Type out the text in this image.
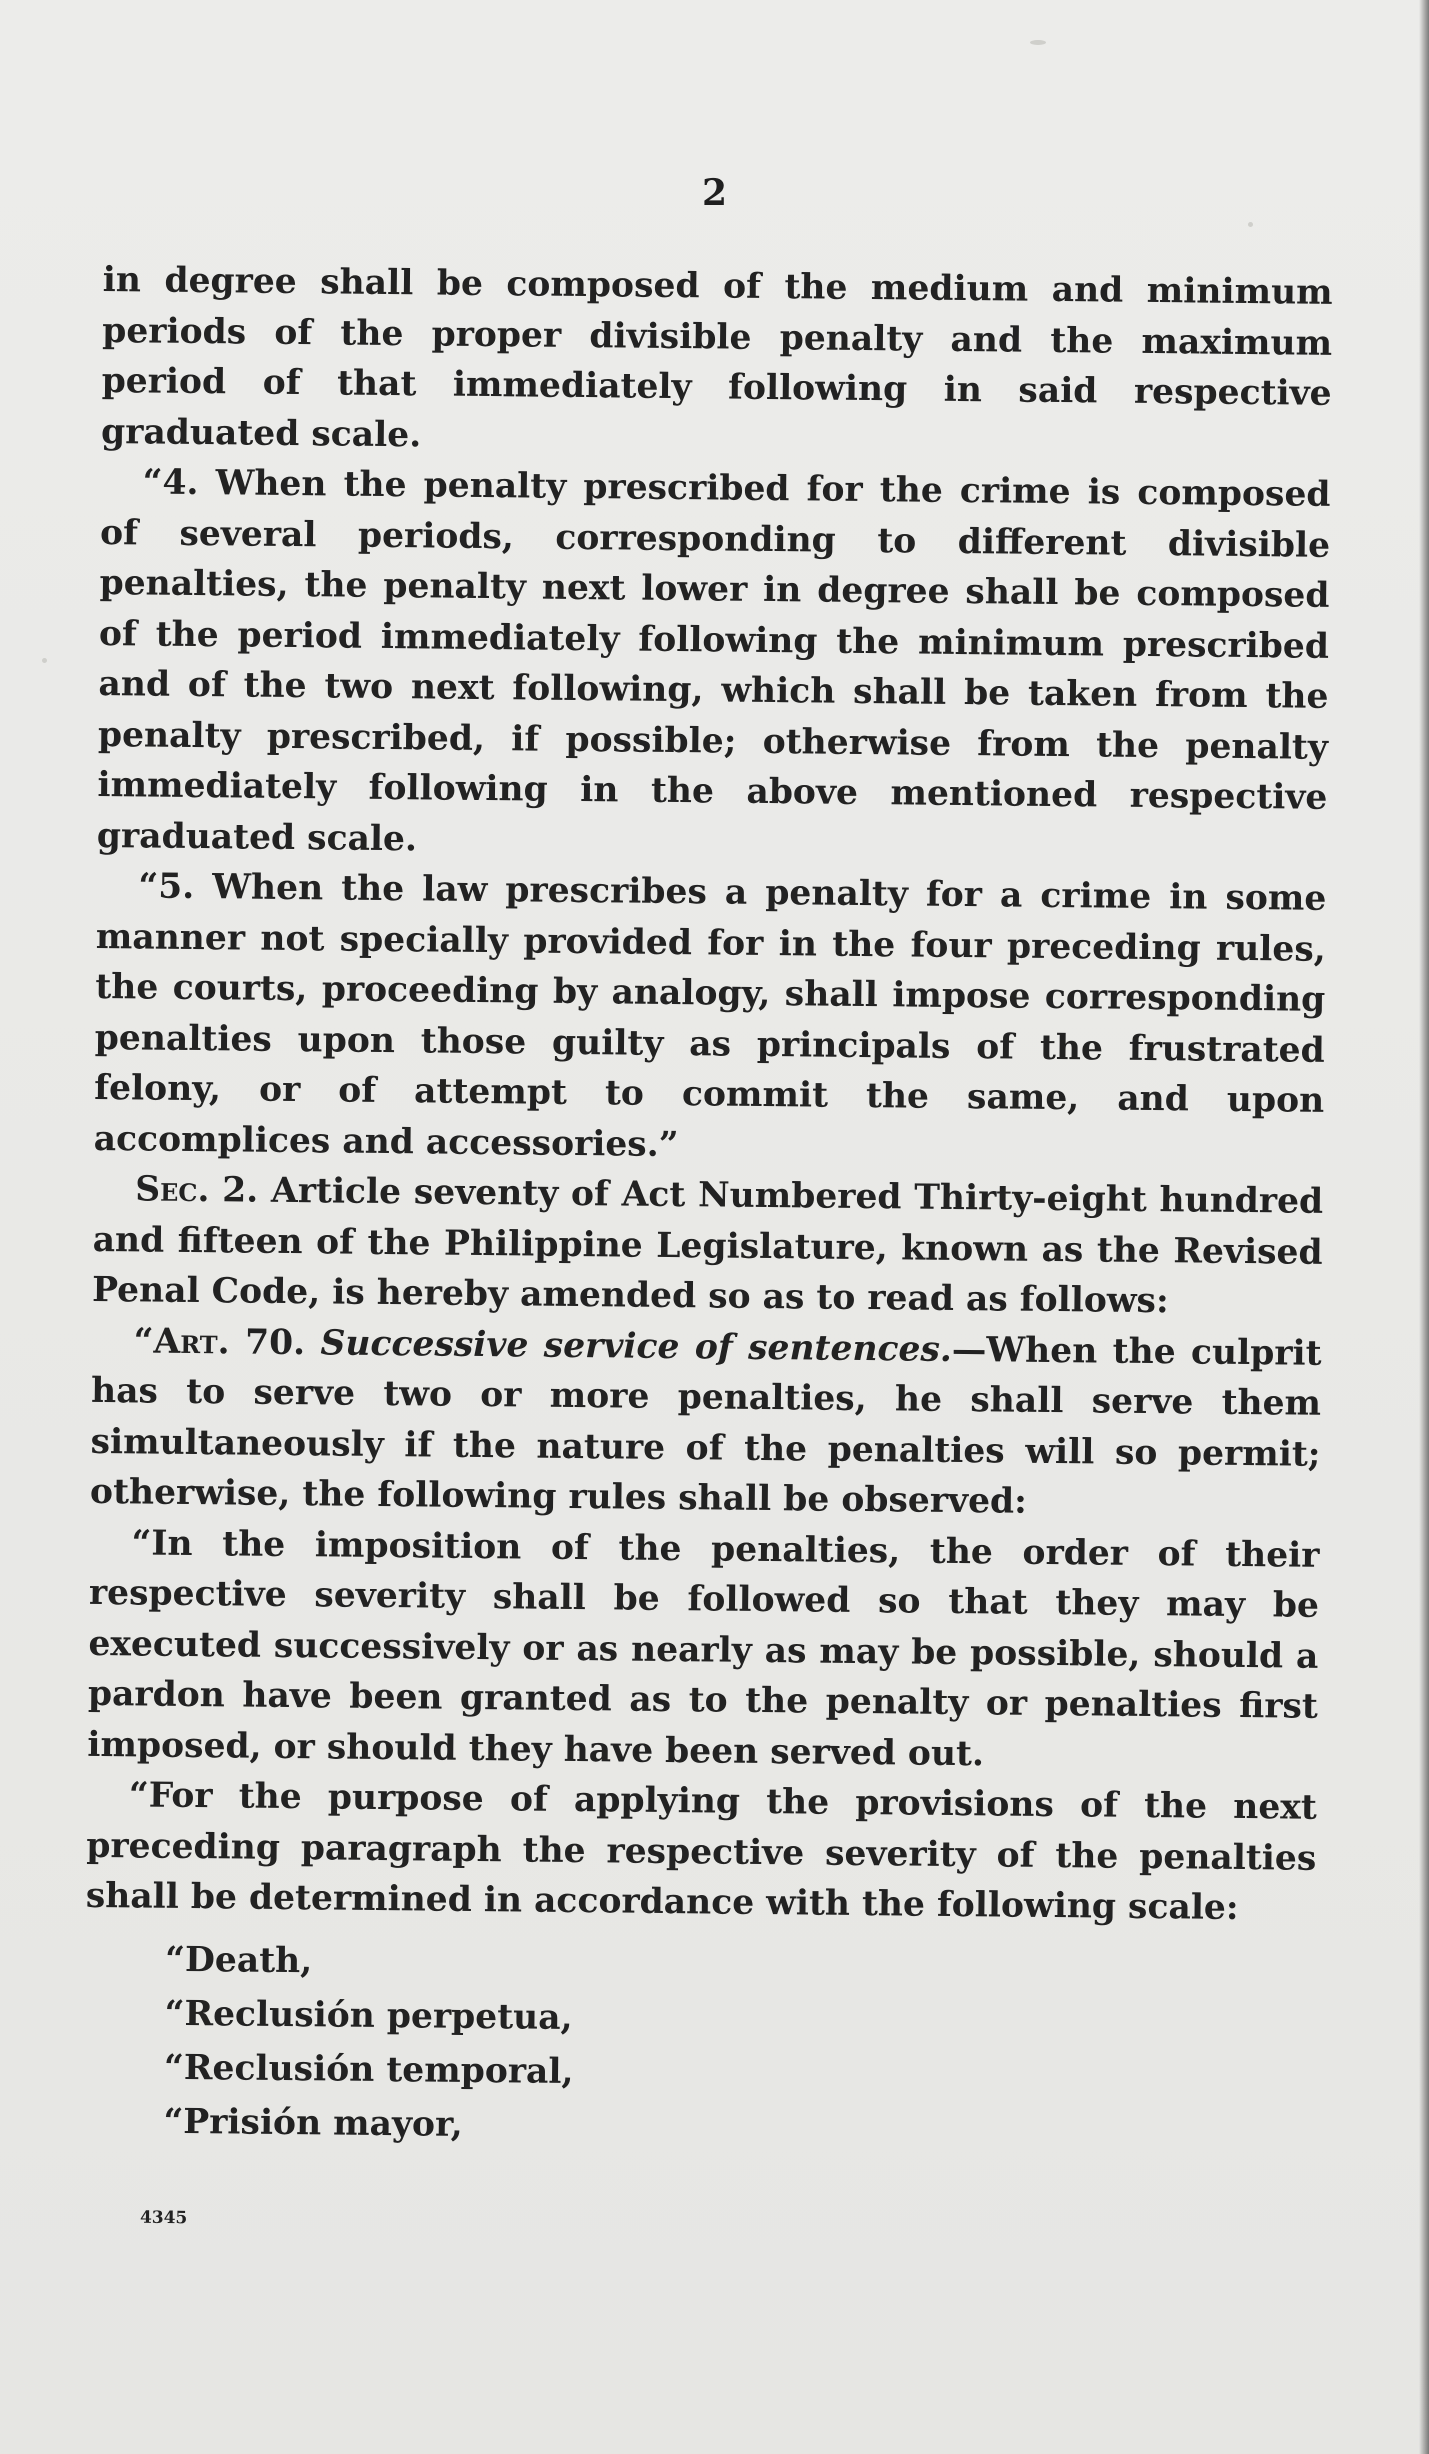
2

in degree shall be composed of the medium and minimum periods of the proper divisible penalty and the maximum period of that immediately following in said respective graduated scale.

“4. When the penalty prescribed for the crime is composed of several periods, corresponding to different divisible penalties, the penalty next lower in degree shall be composed of the period immediately following the minimum prescribed and of the two next following, which shall be taken from the penalty prescribed, if possible; otherwise from the penalty immediately following in the above mentioned respective graduated scale.

“5. When the law prescribes a penalty for a crime in some manner not specially provided for in the four preceding rules, the courts, proceeding by analogy, shall impose corresponding penalties upon those guilty as principals of the frustrated felony, or of attempt to commit the same, and upon accomplices and accessories.”

Sec. 2. Article seventy of Act Numbered Thirty-eight hundred and fifteen of the Philippine Legislature, known as the Revised Penal Code, is hereby amended so as to read as follows:

“Art. 70. Successive service of sentences.—When the culprit has to serve two or more penalties, he shall serve them simultaneously if the nature of the penalties will so permit; otherwise, the following rules shall be observed:

“In the imposition of the penalties, the order of their respective severity shall be followed so that they may be executed successively or as nearly as may be possible, should a pardon have been granted as to the penalty or penalties first imposed, or should they have been served out.

“For the purpose of applying the provisions of the next preceding paragraph the respective severity of the penalties shall be determined in accordance with the following scale:

“Death,
“Reclusión perpetua,
“Reclusión temporal,
“Prisión mayor,
4345
